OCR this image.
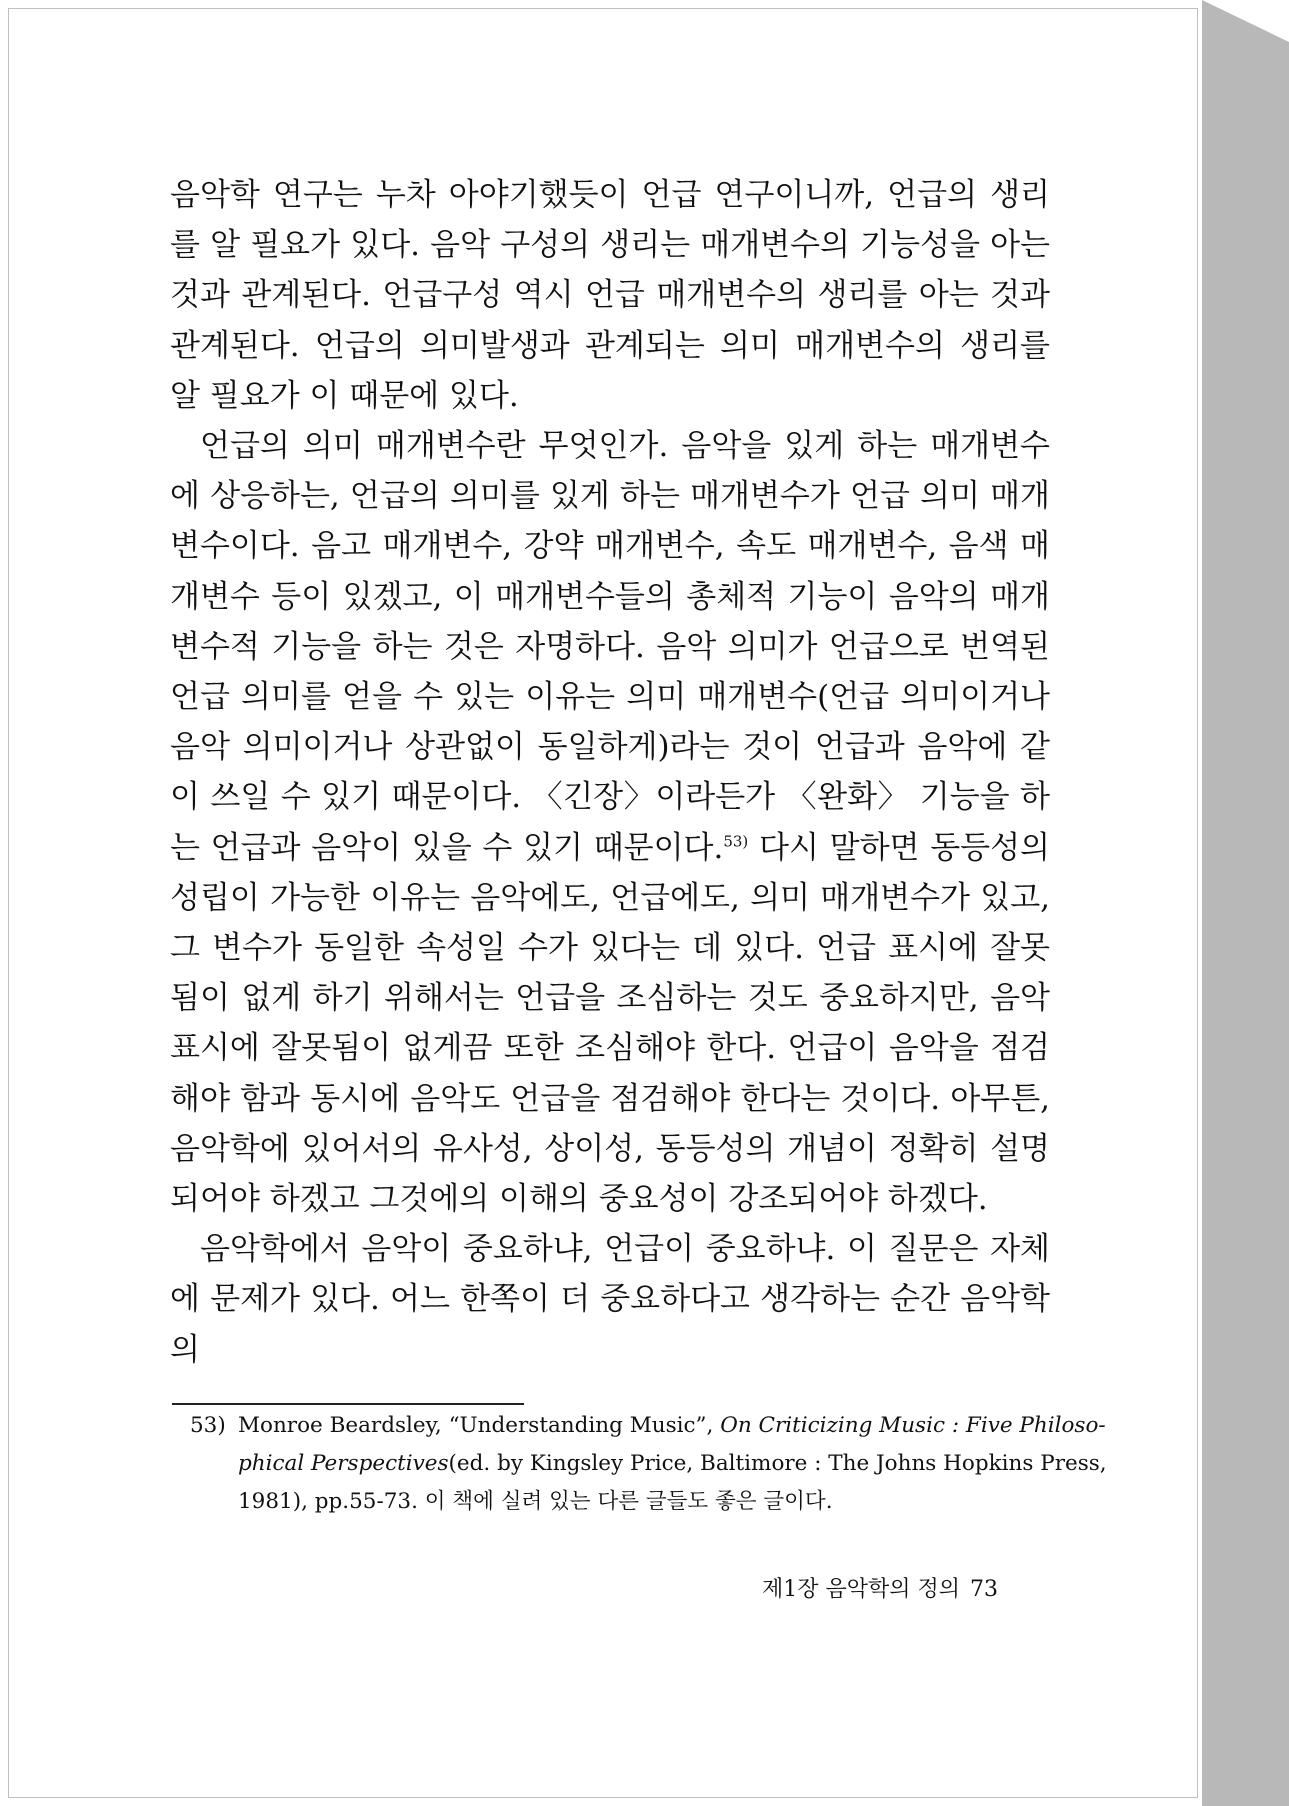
음악학 연구는 누차 아야기했듯이 언급 연구이니까, 언급의 생리를 알 필요가 있다. 음악 구성의 생리는 매개변수의 기능성을 아는 것과 관계된다. 언급구성 역시 언급 매개변수의 생리를 아는 것과 관계된다. 언급의 의미발생과 관계되는 의미 매개변수의 생리를 알 필요가 이 때문에 있다.

언급의 의미 매개변수란 무엇인가. 음악을 있게 하는 매개변수에 상응하는, 언급의 의미를 있게 하는 매개변수가 언급 의미 매개변수이다. 음고 매개변수, 강약 매개변수, 속도 매개변수, 음색 매개변수 등이 있겠고, 이 매개변수들의 총체적 기능이 음악의 매개변수적 기능을 하는 것은 자명하다. 음악 의미가 언급으로 번역된 언급 의미를 얻을 수 있는 이유는 의미 매개변수(언급 의미이거나 음악 의미이거나 상관없이 동일하게)라는 것이 언급과 음악에 같이 쓰일 수 있기 때문이다. 〈긴장〉이라든가 〈완화〉 기능을 하는 언급과 음악이 있을 수 있기 때문이다.$^{53)}$ 다시 말하면 동등성의 성립이 가능한 이유는 음악에도, 언급에도, 의미 매개변수가 있고, 그 변수가 동일한 속성일 수가 있다는 데 있다. 언급 표시에 잘못됨이 없게 하기 위해서는 언급을 조심하는 것도 중요하지만, 음악 표시에 잘못됨이 없게끔 또한 조심해야 한다. 언급이 음악을 점검해야 함과 동시에 음악도 언급을 점검해야 한다는 것이다. 아무튼, 음악학에 있어서의 유사성, 상이성, 동등성의 개념이 정확히 설명되어야 하겠고 그것에의 이해의 중요성이 강조되어야 하겠다.

음악학에서 음악이 중요하냐, 언급이 중요하냐. 이 질문은 자체에 문제가 있다. 어느 한쪽이 더 중요하다고 생각하는 순간 음악학의

53) Monroe Beardsley, “Understanding Music”, On Criticizing Music : Five Philoso-
phical Perspectives(ed. by Kingsley Price, Baltimore : The Johns Hopkins Press,
1981), pp.55-73. 이 책에 실려 있는 다른 글들도 좋은 글이다.
제1장 음악학의 정의 73
